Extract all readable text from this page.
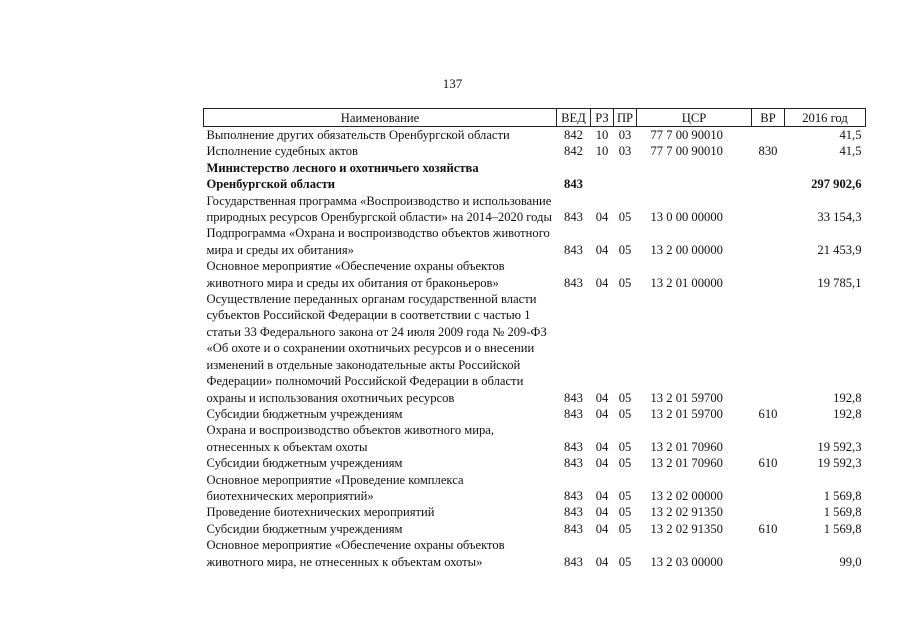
137
Наименование	ВЕД	РЗ	ПР	ЦСР	ВР	2016 год
Выполнение других обязательств Оренбургской области	842	10	03	77 7 00 90010		41,5
Исполнение судебных актов	842	10	03	77 7 00 90010	830	41,5
Министерство лесного и охотничьего хозяйства Оренбургской области	843					297 902,6
Государственная программа «Воспроизводство и использование природных ресурсов Оренбургской области» на 2014–2020 годы	843	04	05	13 0 00 00000		33 154,3
Подпрограмма «Охрана и воспроизводство объектов животного мира и среды их обитания»	843	04	05	13 2 00 00000		21 453,9
Основное мероприятие «Обеспечение охраны объектов животного мира и среды их обитания от браконьеров»	843	04	05	13 2 01 00000		19 785,1
Осуществление переданных органам государственной власти субъектов Российской Федерации в соответствии с частью 1 статьи 33 Федерального закона от 24 июля 2009 года № 209-ФЗ «Об охоте и о сохранении охотничьих ресурсов и о внесении изменений в отдельные законодательные акты Российской Федерации» полномочий Российской Федерации в области охраны и использования охотничьих ресурсов	843	04	05	13 2 01 59700		192,8
Субсидии бюджетным учреждениям	843	04	05	13 2 01 59700	610	192,8
Охрана и воспроизводство объектов животного мира, отнесенных к объектам охоты	843	04	05	13 2 01 70960		19 592,3
Субсидии бюджетным учреждениям	843	04	05	13 2 01 70960	610	19 592,3
Основное мероприятие «Проведение комплекса биотехнических мероприятий»	843	04	05	13 2 02 00000		1 569,8
Проведение биотехнических мероприятий	843	04	05	13 2 02 91350		1 569,8
Субсидии бюджетным учреждениям	843	04	05	13 2 02 91350	610	1 569,8
Основное мероприятие «Обеспечение охраны объектов животного мира, не отнесенных к объектам охоты»	843	04	05	13 2 03 00000		99,0
